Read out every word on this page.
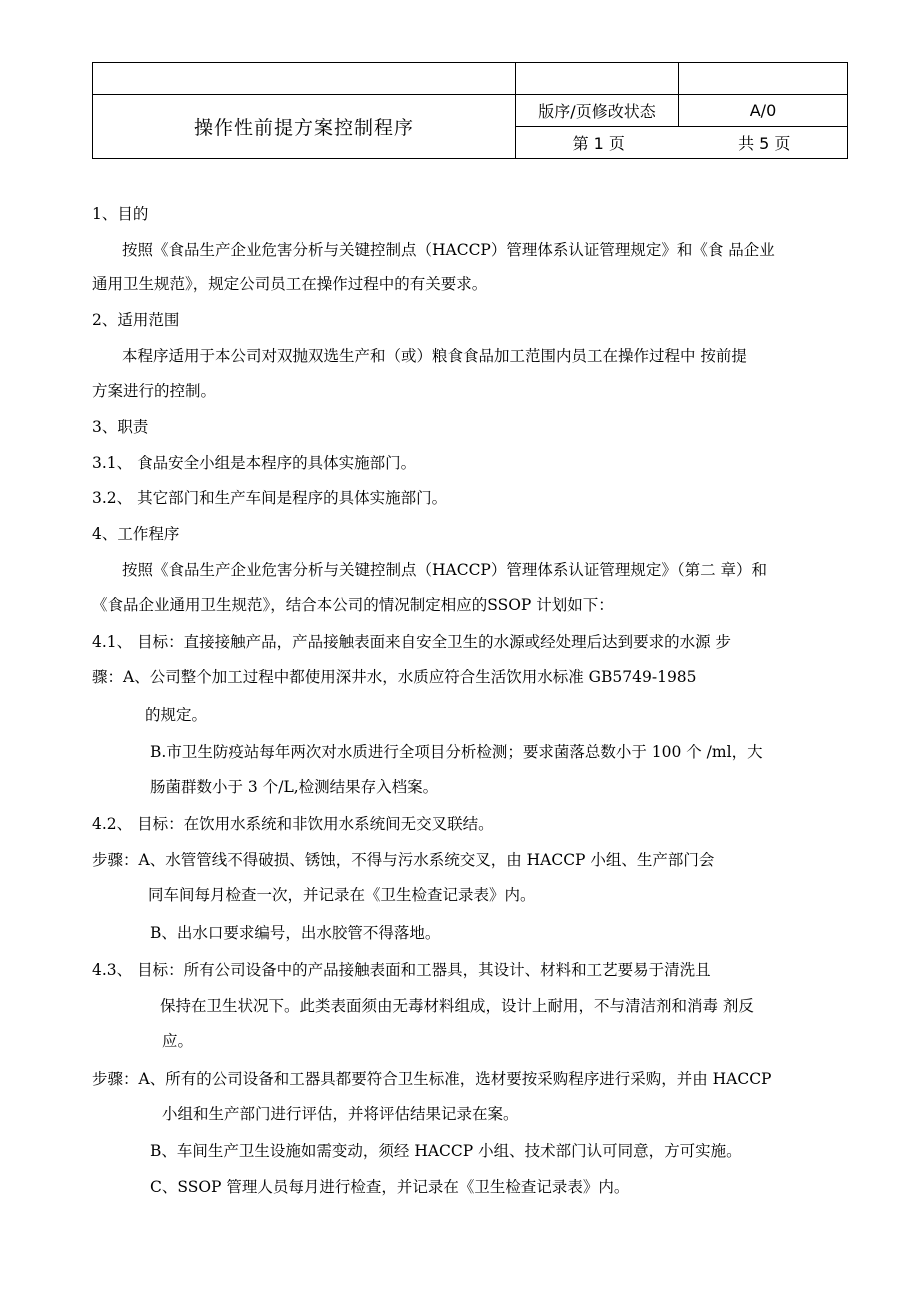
操作性前提方案控制程序	版序/页修改状态	A/0

	第 1 页 共 5 页	
1、目的
按照《食品生产企业危害分析与关键控制点（HACCP）管理体系认证管理规定》和《食 品企业
通用卫生规范》，规定公司员工在操作过程中的有关要求。
2、适用范围
本程序适用于本公司对双抛双选生产和（或）粮食食品加工范围内员工在操作过程中 按前提
方案进行的控制。
3、职责
3.1、 食品安全小组是本程序的具体实施部门。
3.2、 其它部门和生产车间是程序的具体实施部门。
4、工作程序
按照《食品生产企业危害分析与关键控制点（HACCP）管理体系认证管理规定》（第二 章）和
《食品企业通用卫生规范》，结合本公司的情况制定相应的SSOP 计划如下：
4.1、 目标：直接接触产品，产品接触表面来自安全卫生的水源或经处理后达到要求的水源 步
骤：A、公司整个加工过程中都使用深井水，水质应符合生活饮用水标准 GB5749-1985
的规定。
B.市卫生防疫站每年两次对水质进行全项目分析检测；要求菌落总数小于 100 个 /ml，大
肠菌群数小于 3 个/L,检测结果存入档案。
4.2、 目标：在饮用水系统和非饮用水系统间无交叉联结。
步骤：A、水管管线不得破损、锈蚀，不得与污水系统交叉，由 HACCP 小组、生产部门会
同车间每月检查一次，并记录在《卫生检查记录表》内。
B、出水口要求编号，出水胶管不得落地。
4.3、 目标：所有公司设备中的产品接触表面和工器具，其设计、材料和工艺要易于清洗且
保持在卫生状况下。此类表面须由无毒材料组成，设计上耐用，不与清洁剂和消毒 剂反
应。
步骤：A、所有的公司设备和工器具都要符合卫生标准，选材要按采购程序进行采购，并由 HACCP
小组和生产部门进行评估，并将评估结果记录在案。
B、车间生产卫生设施如需变动，须经 HACCP 小组、技术部门认可同意，方可实施。
C、SSOP 管理人员每月进行检查，并记录在《卫生检查记录表》内。
